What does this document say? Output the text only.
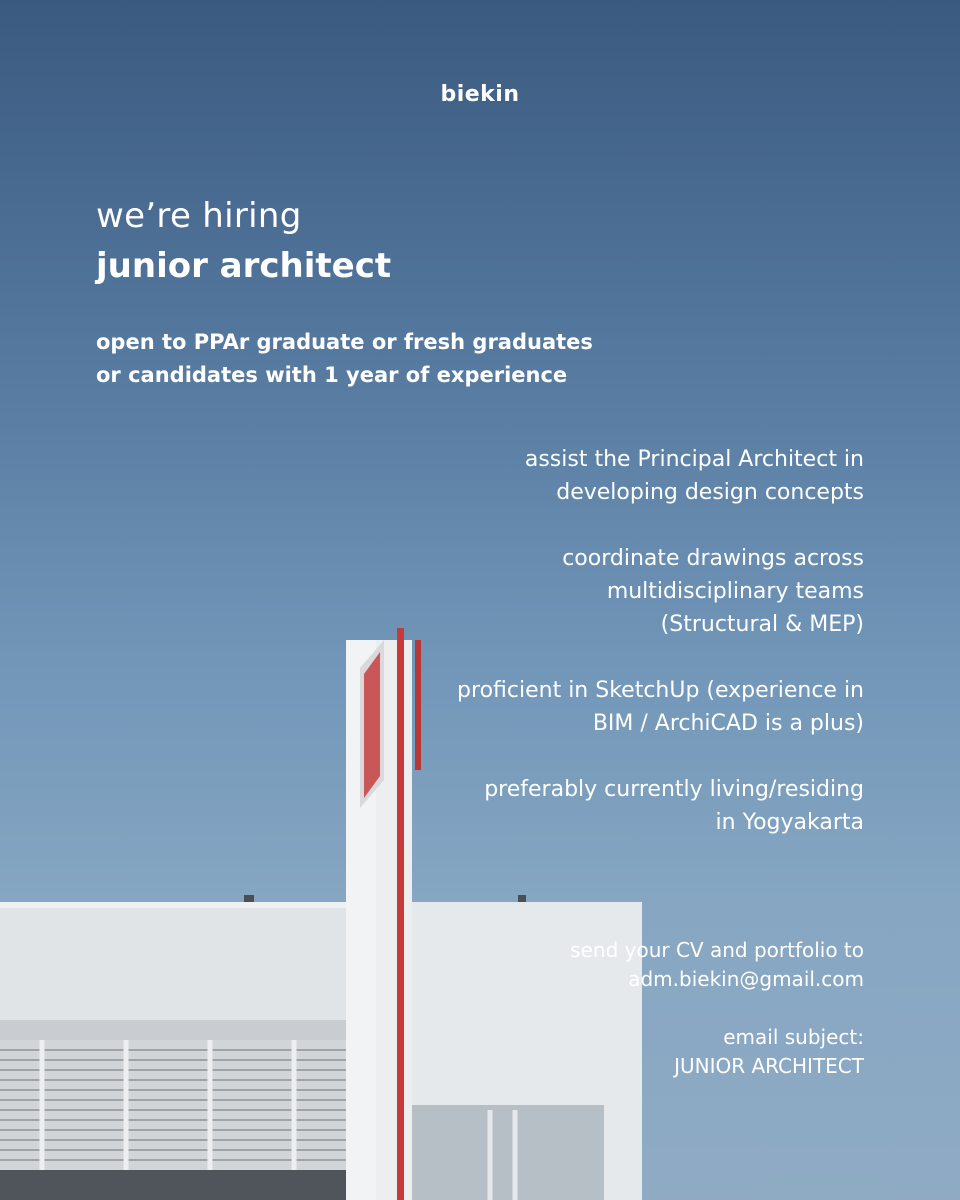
biekin
we’re hiring
junior architect
open to PPAr graduate or fresh graduates
or candidates with 1 year of experience
assist the Principal Architect in
developing design concepts
coordinate drawings across
multidisciplinary teams
(Structural & MEP)
proficient in SketchUp (experience in
BIM / ArchiCAD is a plus)
preferably currently living/residing
in Yogyakarta
send your CV and portfolio to
adm.biekin@gmail.com
email subject:
JUNIOR ARCHITECT
